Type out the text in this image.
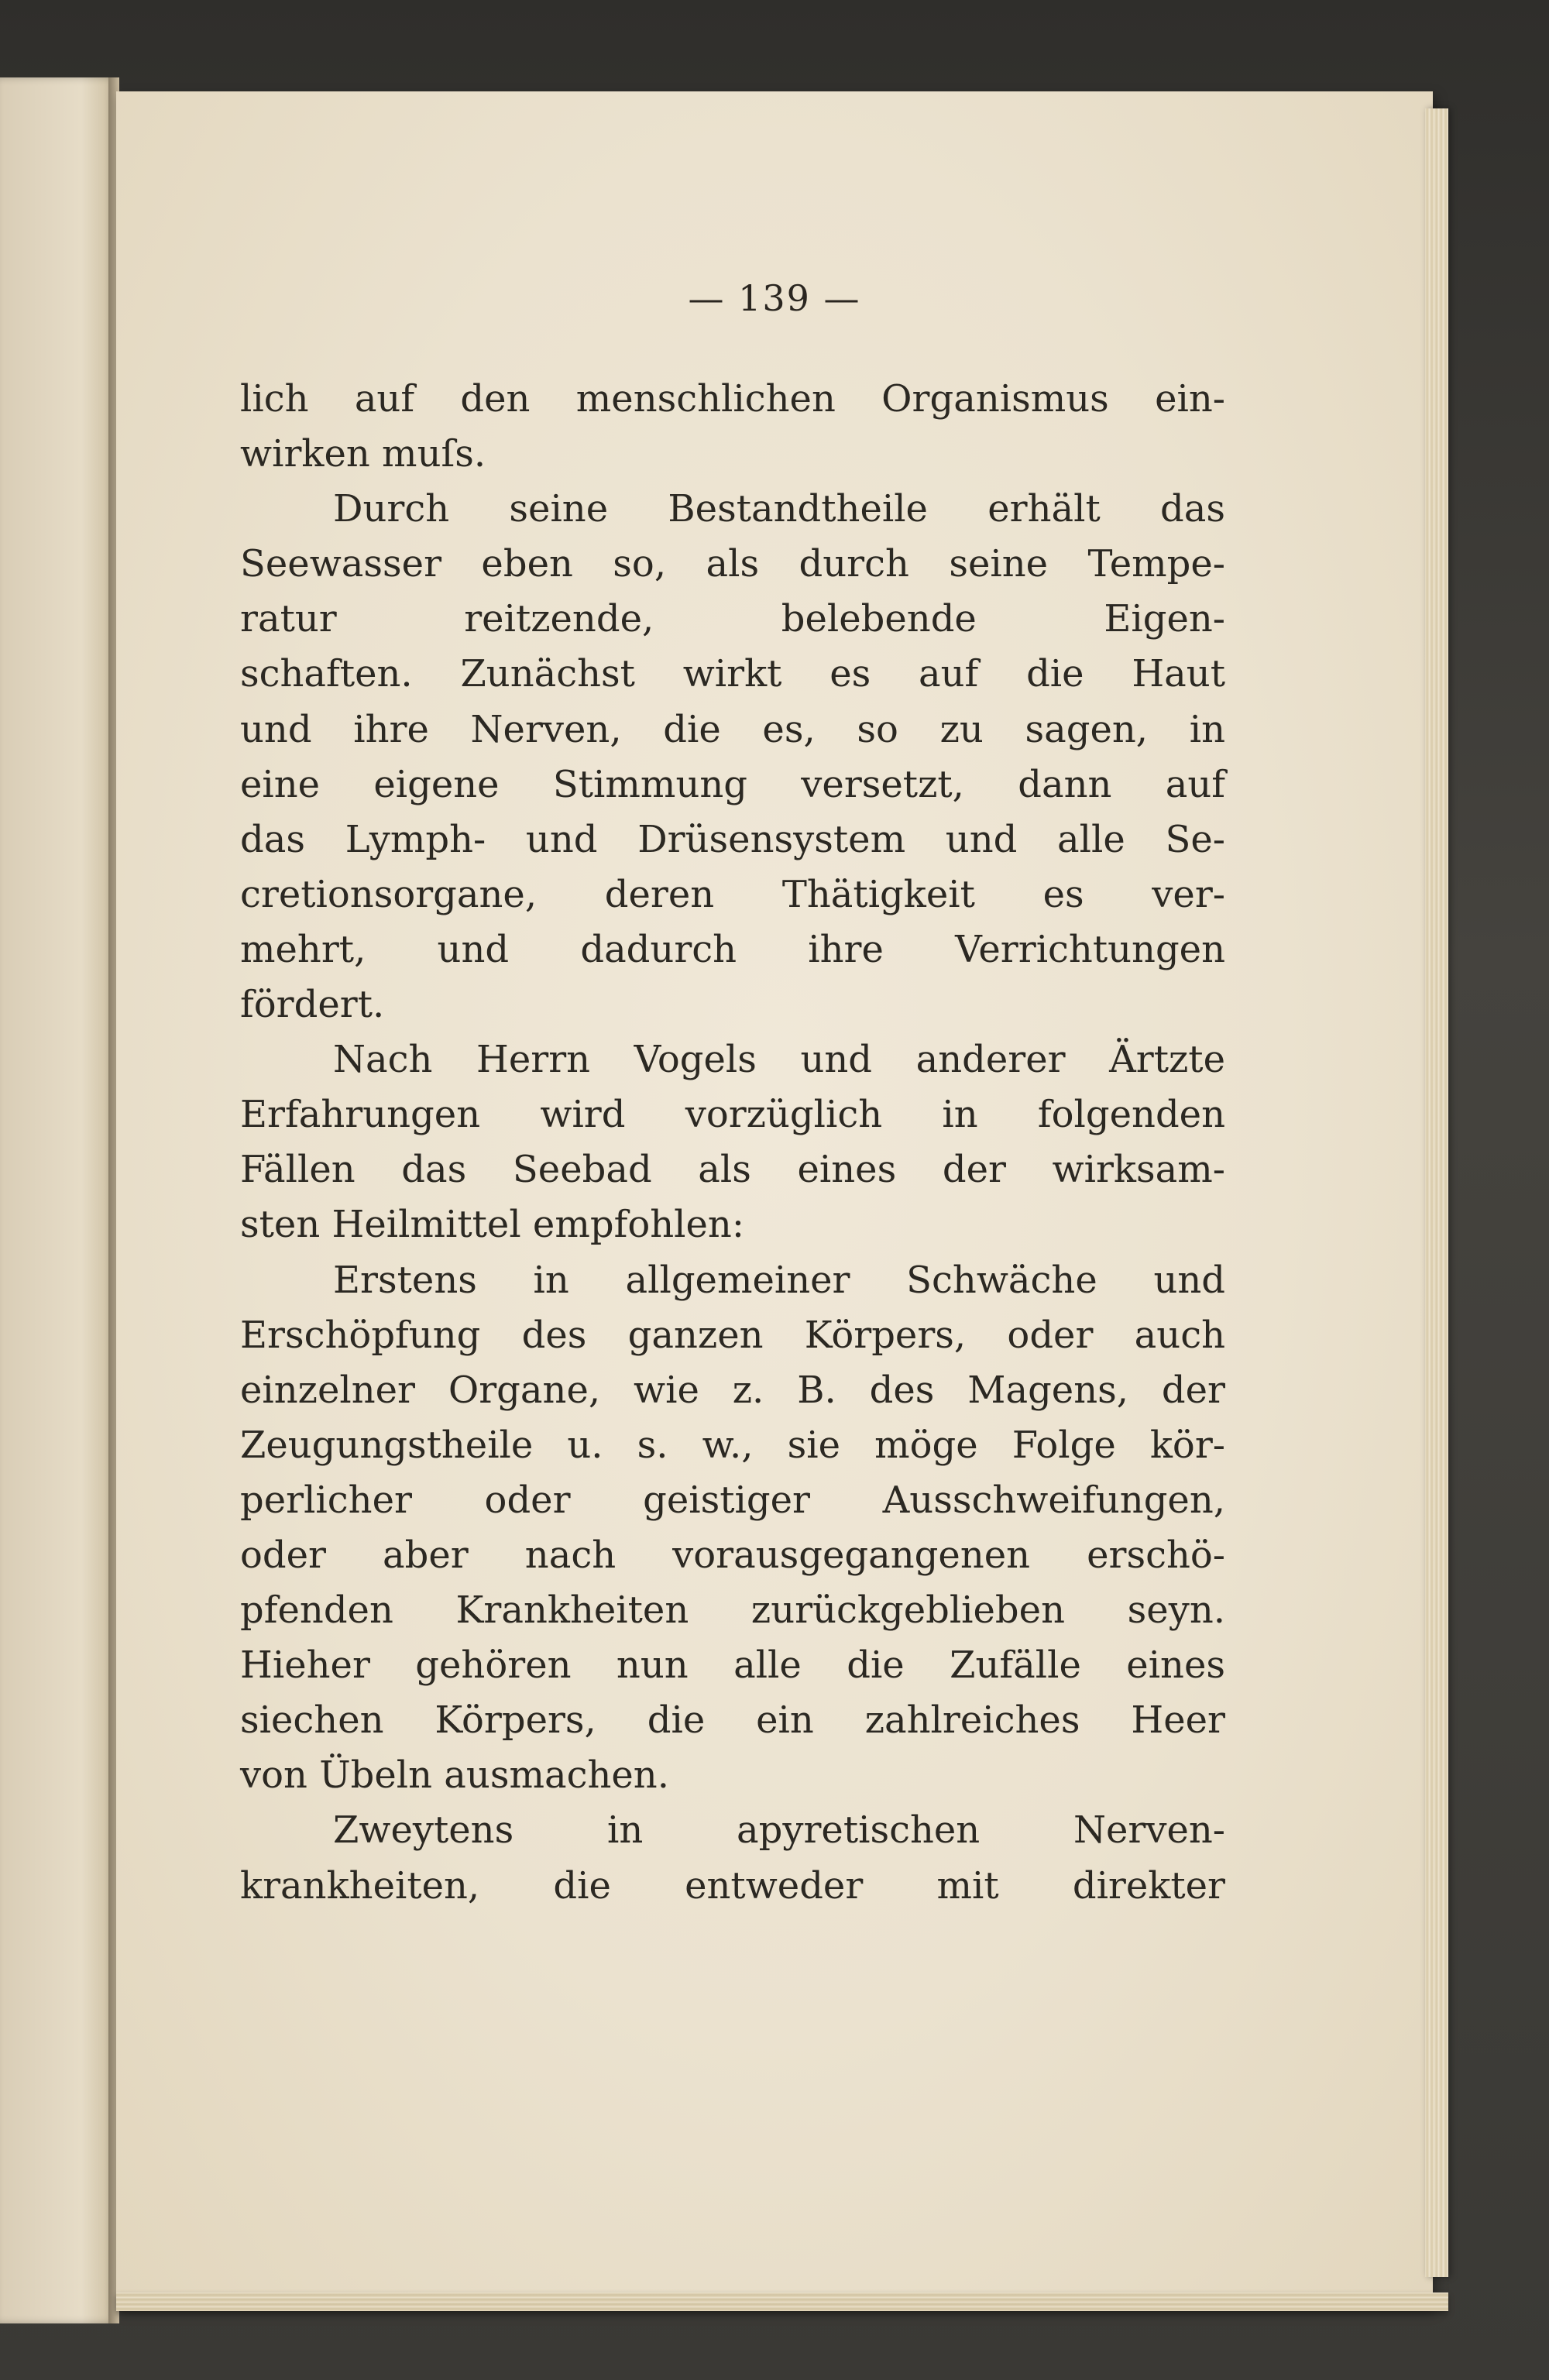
— 139 —
lich auf den menschlichen Organismus ein-
wirken muſs.
Durch seine Bestandtheile erhält das
Seewasser eben so, als durch seine Tempe-
ratur reitzende, belebende Eigen-
schaften. Zunächst wirkt es auf die Haut
und ihre Nerven, die es, so zu sagen, in
eine eigene Stimmung versetzt, dann auf
das Lymph- und Drüsensystem und alle Se-
cretionsorgane, deren Thätigkeit es ver-
mehrt, und dadurch ihre Verrichtungen
fördert.
Nach Herrn Vogels und anderer Ärtzte
Erfahrungen wird vorzüglich in folgenden
Fällen das Seebad als eines der wirksam-
sten Heilmittel empfohlen:
Erstens in allgemeiner Schwäche und
Erschöpfung des ganzen Körpers, oder auch
einzelner Organe, wie z. B. des Magens, der
Zeugungstheile u. s. w., sie möge Folge kör-
perlicher oder geistiger Ausschweifungen,
oder aber nach vorausgegangenen erschö-
pfenden Krankheiten zurückgeblieben seyn.
Hieher gehören nun alle die Zufälle eines
siechen Körpers, die ein zahlreiches Heer
von Übeln ausmachen.
Zweytens in apyretischen Nerven-
krankheiten, die entweder mit direkter
